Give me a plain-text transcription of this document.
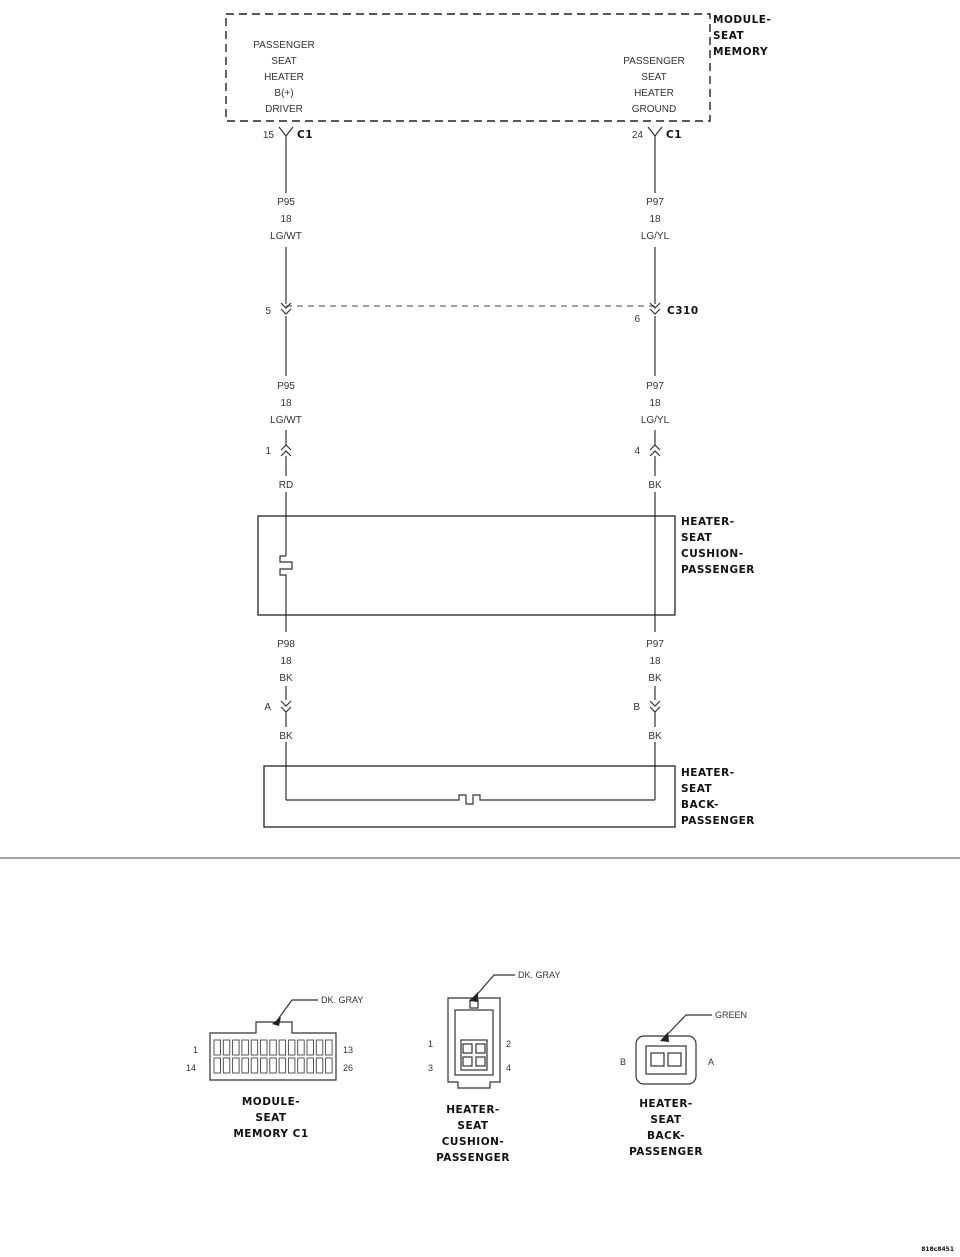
MODULE-
SEAT
MEMORY
PASSENGER
SEAT
HEATER
B(+)
DRIVER
PASSENGER
SEAT
HEATER
GROUND
15	24
C1	C1
P95
18
LG/WT
P97
18
LG/YL
P95
18
LG/WT
P97
18
LG/YL
RD	BK
P98
18
BK
P97
18
BK
BK	BK
5
6
C310
1	4
HEATER-
SEAT
CUSHION-
PASSENGER
A	B
HEATER-
SEAT
BACK-
PASSENGER
DK. GRAY
1	13
14	26
MODULE-
SEAT
MEMORY C1
DK. GRAY
1	2
3	4
HEATER-
SEAT
CUSHION-
PASSENGER
GREEN
B	A
HEATER-
SEAT
BACK-
PASSENGER
818c8451
